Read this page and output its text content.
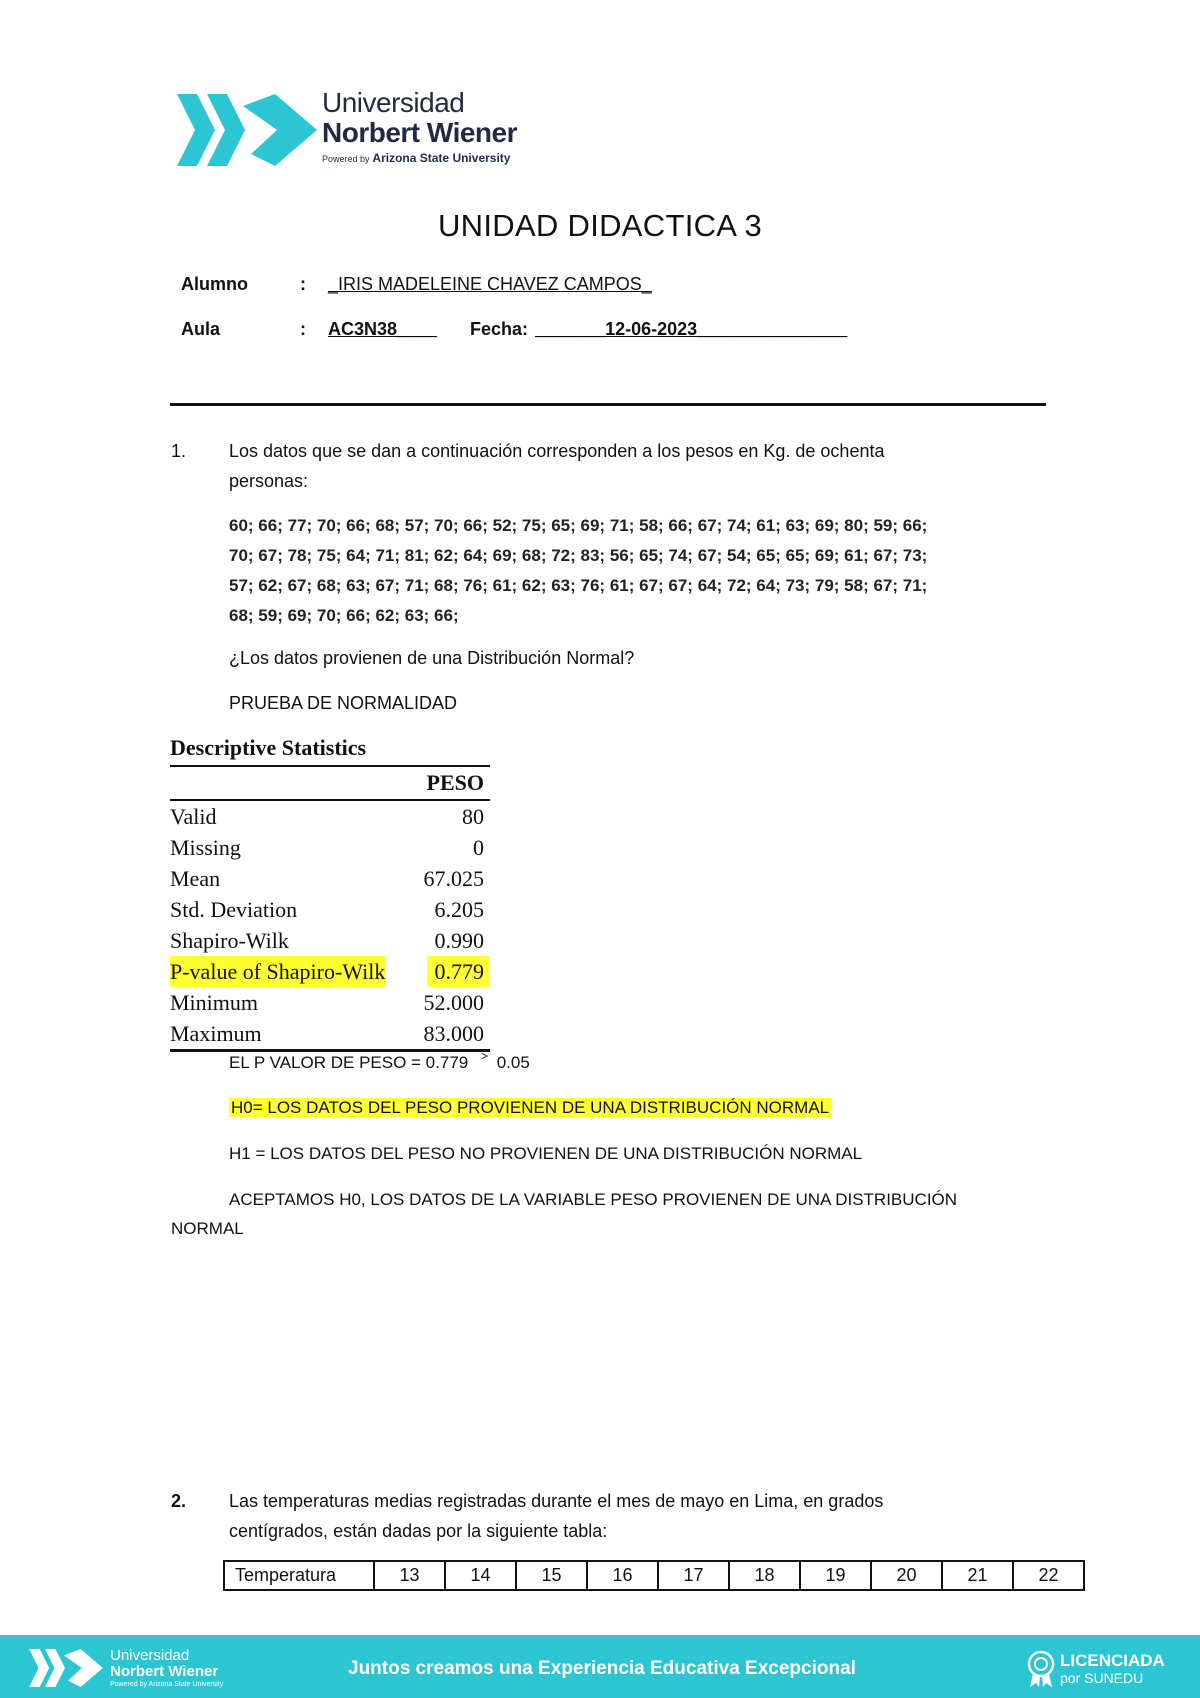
Universidad
Norbert Wiener
Powered by Arizona State University
UNIDAD DIDACTICA 3
Alumno	: _IRIS MADELEINE CHAVEZ CAMPOS_
Aula	: AC3N38____ Fecha: _______12-06-2023_______________
1. Los datos que se dan a continuación corresponden a los pesos en Kg. de ochenta
personas:
60; 66; 77; 70; 66; 68; 57; 70; 66; 52; 75; 65; 69; 71; 58; 66; 67; 74; 61; 63; 69; 80; 59; 66;
70; 67; 78; 75; 64; 71; 81; 62; 64; 69; 68; 72; 83; 56; 65; 74; 67; 54; 65; 65; 69; 61; 67; 73;
57; 62; 67; 68; 63; 67; 71; 68; 76; 61; 62; 63; 76; 61; 67; 67; 64; 72; 64; 73; 79; 58; 67; 71;
68; 59; 69; 70; 66; 62; 63; 66;
¿Los datos provienen de una Distribución Normal?
PRUEBA DE NORMALIDAD
Descriptive Statistics
PESO
Valid	80
Missing	0
Mean	67.025
Std. Deviation	6.205
Shapiro-Wilk	0.990
P-value of Shapiro-Wilk	0.779
Minimum	52.000
Maximum	83.000
EL P VALOR DE PESO = 0.779 > 0.05
H0= LOS DATOS DEL PESO PROVIENEN DE UNA DISTRIBUCIÓN NORMAL
H1 = LOS DATOS DEL PESO NO PROVIENEN DE UNA DISTRIBUCIÓN NORMAL
ACEPTAMOS H0, LOS DATOS DE LA VARIABLE PESO PROVIENEN DE UNA DISTRIBUCIÓN
NORMAL
2. Las temperaturas medias registradas durante el mes de mayo en Lima, en grados
centígrados, están dadas por la siguiente tabla:
Temperatura	13	14	15	16	17	18	19	20	21	22
Universidad
Norbert Wiener
Powered by Arizona State University
Juntos creamos una Experiencia Educativa Excepcional	LICENCIADA
por SUNEDU
